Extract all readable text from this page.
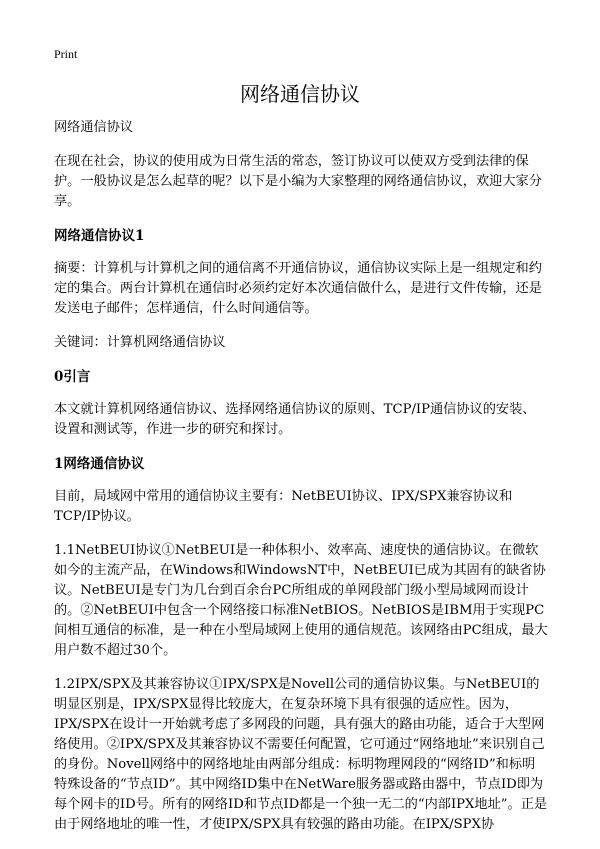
Print
网络通信协议

网络通信协议

在现在社会，协议的使用成为日常生活的常态，签订协议可以使双方受到法律的保护。一般协议是怎么起草的呢？以下是小编为大家整理的网络通信协议，欢迎大家分享。

网络通信协议1

摘要：计算机与计算机之间的通信离不开通信协议，通信协议实际上是一组规定和约定的集合。两台计算机在通信时必须约定好本次通信做什么，是进行文件传输，还是发送电子邮件；怎样通信，什么时间通信等。

关键词：计算机网络通信协议

0引言

本文就计算机网络通信协议、选择网络通信协议的原则、TCP/IP通信协议的安装、设置和测试等，作进一步的研究和探讨。

1网络通信协议

目前，局域网中常用的通信协议主要有：NetBEUI协议、IPX/SPX兼容协议和TCP/IP协议。

1.1NetBEUI协议①NetBEUI是一种体积小、效率高、速度快的通信协议。在微软如今的主流产品，在Windows和WindowsNT中，NetBEUI已成为其固有的缺省协议。NetBEUI是专门为几台到百余台PC所组成的单网段部门级小型局域网而设计的。②NetBEUI中包含一个网络接口标准NetBIOS。NetBIOS是IBM用于实现PC间相互通信的标准，是一种在小型局域网上使用的通信规范。该网络由PC组成，最大用户数不超过30个。

1.2IPX/SPX及其兼容协议①IPX/SPX是Novell公司的通信协议集。与NetBEUI的明显区别是，IPX/SPX显得比较庞大，在复杂环境下具有很强的适应性。因为，IPX/SPX在设计一开始就考虑了多网段的问题，具有强大的路由功能，适合于大型网络使用。②IPX/SPX及其兼容协议不需要任何配置，它可通过“网络地址”来识别自己的身份。Novell网络中的网络地址由两部分组成：标明物理网段的“网络ID”和标明特殊设备的“节点ID”。其中网络ID集中在NetWare服务器或路由器中，节点ID即为每个网卡的ID号。所有的网络ID和节点ID都是一个独一无二的“内部IPX地址”。正是由于网络地址的唯一性，才使IPX/SPX具有较强的路由功能。在IPX/SPX协
